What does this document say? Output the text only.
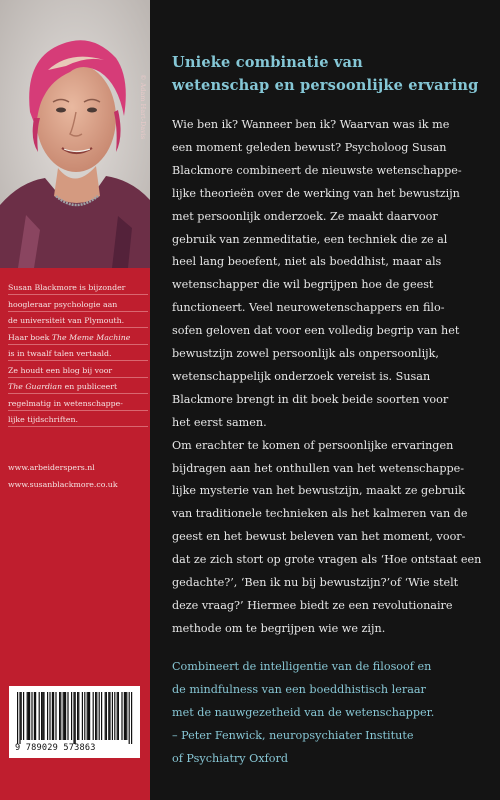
© Adam Hart-Davis
Susan Blackmore is bijzonder
hoogleraar psychologie aan
de universiteit van Plymouth.
Haar boek The Meme Machine
is in twaalf talen vertaald.
Ze houdt een blog bij voor
The Guardian en publiceert
regelmatig in wetenschappe-
lijke tijdschriften.
www.arbeiderspers.nl
www.susanblackmore.co.uk
9 789029 573863
Unieke combinatie van
wetenschap en persoonlijke ervaring
Wie ben ik? Wanneer ben ik? Waarvan was ik me
een moment geleden bewust? Psycholoog Susan
Blackmore combineert de nieuwste wetenschappe-
lijke theorieën over de werking van het bewustzijn
met persoonlijk onderzoek. Ze maakt daarvoor
gebruik van zenmeditatie, een techniek die ze al
heel lang beoefent, niet als boeddhist, maar als
wetenschapper die wil begrijpen hoe de geest
functioneert. Veel neurowetenschappers en filo-
sofen geloven dat voor een volledig begrip van het
bewustzijn zowel persoonlijk als onpersoonlijk,
wetenschappelijk onderzoek vereist is. Susan
Blackmore brengt in dit boek beide soorten voor
het eerst samen.
Om erachter te komen of persoonlijke ervaringen
bijdragen aan het onthullen van het wetenschappe-
lijke mysterie van het bewustzijn, maakt ze gebruik
van traditionele technieken als het kalmeren van de
geest en het bewust beleven van het moment, voor-
dat ze zich stort op grote vragen als ‘Hoe ontstaat een
gedachte?’, ‘Ben ik nu bij bewustzijn?’of ‘Wie stelt
deze vraag?’ Hiermee biedt ze een revolutionaire
methode om te begrijpen wie we zijn.
Combineert de intelligentie van de filosoof en
de mindfulness van een boeddhistisch leraar
met de nauwgezetheid van de wetenschapper.
– Peter Fenwick, neuropsychiater Institute
of Psychiatry Oxford
